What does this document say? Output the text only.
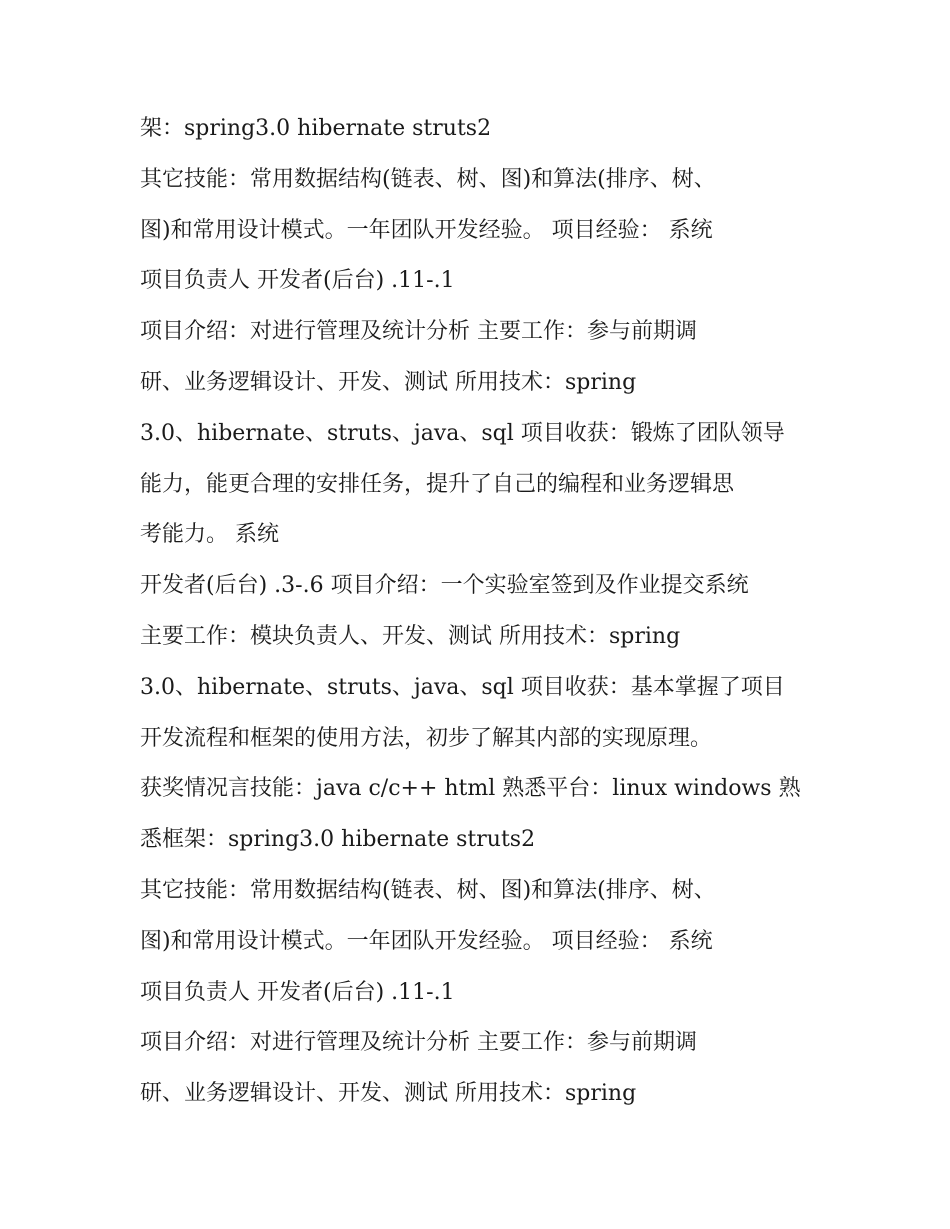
架：spring3.0 hibernate struts2
其它技能：常用数据结构(链表、树、图)和算法(排序、树、
图)和常用设计模式。一年团队开发经验。 项目经验： 系统
项目负责人 开发者(后台) .11-.1
项目介绍：对进行管理及统计分析 主要工作：参与前期调
研、业务逻辑设计、开发、测试 所用技术：spring
3.0、hibernate、struts、java、sql 项目收获：锻炼了团队领导
能力，能更合理的安排任务，提升了自己的编程和业务逻辑思
考能力。 系统
开发者(后台) .3-.6 项目介绍：一个实验室签到及作业提交系统
主要工作：模块负责人、开发、测试 所用技术：spring
3.0、hibernate、struts、java、sql 项目收获：基本掌握了项目
开发流程和框架的使用方法，初步了解其内部的实现原理。
获奖情况言技能：java c/c++ html 熟悉平台：linux windows 熟
悉框架：spring3.0 hibernate struts2
其它技能：常用数据结构(链表、树、图)和算法(排序、树、
图)和常用设计模式。一年团队开发经验。 项目经验： 系统
项目负责人 开发者(后台) .11-.1
项目介绍：对进行管理及统计分析 主要工作：参与前期调
研、业务逻辑设计、开发、测试 所用技术：spring
